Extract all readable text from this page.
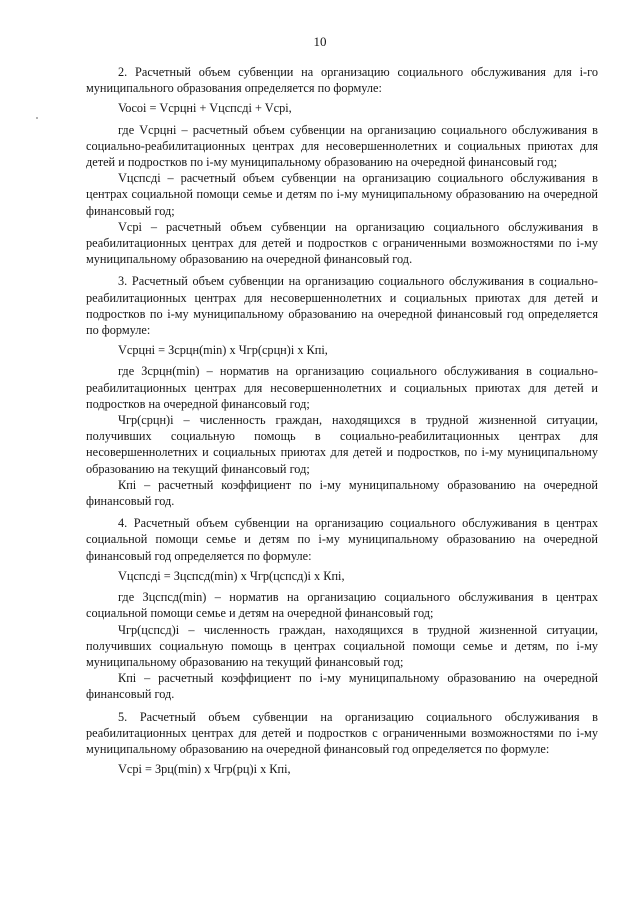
10

2. Расчетный объем субвенции на организацию социального обслуживания для i-го муниципального образования определяется по формуле:

Vocoi = Vсрцнi + Vцспcдi + Vсрi,

где Vсрцнi – расчетный объем субвенции на организацию социального обслуживания в социально-реабилитационных центрах для несовершеннолетних и социальных приютах для детей и подростков по i-му муниципальному образованию на очередной финансовый год;

Vцспсдi – расчетный объем субвенции на организацию социального обслуживания в центрах социальной помощи семье и детям по i-му муниципальному образованию на очередной финансовый год;

Vсрi – расчетный объем субвенции на организацию социального обслуживания в реабилитационных центрах для детей и подростков с ограниченными возможностями по i-му муниципальному образованию на очередной финансовый год.

3. Расчетный объем субвенции на организацию социального обслуживания в социально-реабилитационных центрах для несовершеннолетних и социальных приютах для детей и подростков по i-му муниципальному образованию на очередной финансовый год определяется по формуле:

Vсрцнi = Зсрцн(min) x Чгр(срцн)i x Кпi,

где Зсрцн(min) – норматив на организацию социального обслуживания в социально-реабилитационных центрах для несовершеннолетних и социальных приютах для детей и подростков на очередной финансовый год;

Чгр(срцн)i – численность граждан, находящихся в трудной жизненной ситуации, получивших социальную помощь в социально-реабилитационных центрах для несовершеннолетних и социальных приютах для детей и подростков, по i-му муниципальному образованию на текущий финансовый год;

Кпi – расчетный коэффициент по i-му муниципальному образованию на очередной финансовый год.

4. Расчетный объем субвенции на организацию социального обслуживания в центрах социальной помощи семье и детям по i-му муниципальному образованию на очередной финансовый год определяется по формуле:

Vцспсдi = Зцспсд(min) x Чгр(цспсд)i x Кпi,

где Зцспсд(min) – норматив на организацию социального обслуживания в центрах социальной помощи семье и детям на очередной финансовый год;

Чгр(цспсд)i – численность граждан, находящихся в трудной жизненной ситуации, получивших социальную помощь в центрах социальной помощи семье и детям, по i-му муниципальному образованию на текущий финансовый год;

Кпi – расчетный коэффициент по i-му муниципальному образованию на очередной финансовый год.

5. Расчетный объем субвенции на организацию социального обслуживания в реабилитационных центрах для детей и подростков с ограниченными возможностями по i-му муниципальному образованию на очередной финансовый год определяется по формуле:

Vсрi = Зрц(min) x Чгр(рц)i x Кпi,
